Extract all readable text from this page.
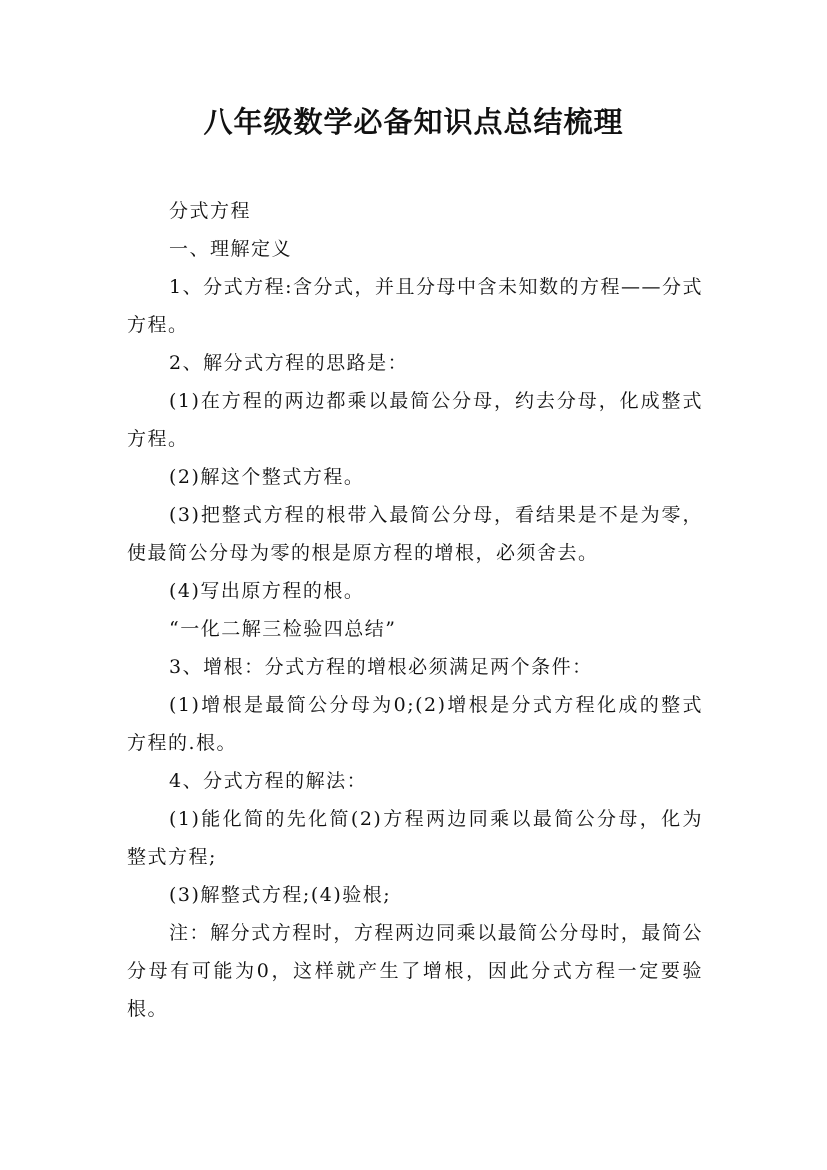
八年级数学必备知识点总结梳理

分式方程

一、理解定义

1、分式方程:含分式，并且分母中含未知数的方程——分式方程。

2、解分式方程的思路是：

(1)在方程的两边都乘以最简公分母，约去分母，化成整式方程。

(2)解这个整式方程。

(3)把整式方程的根带入最简公分母，看结果是不是为零，使最简公分母为零的根是原方程的增根，必须舍去。

(4)写出原方程的根。

“一化二解三检验四总结”

3、增根：分式方程的增根必须满足两个条件：

(1)增根是最简公分母为0;(2)增根是分式方程化成的整式方程的.根。

4、分式方程的解法：

(1)能化简的先化简(2)方程两边同乘以最简公分母，化为整式方程;

(3)解整式方程;(4)验根;

注：解分式方程时，方程两边同乘以最简公分母时，最简公分母有可能为0，这样就产生了增根，因此分式方程一定要验根。
